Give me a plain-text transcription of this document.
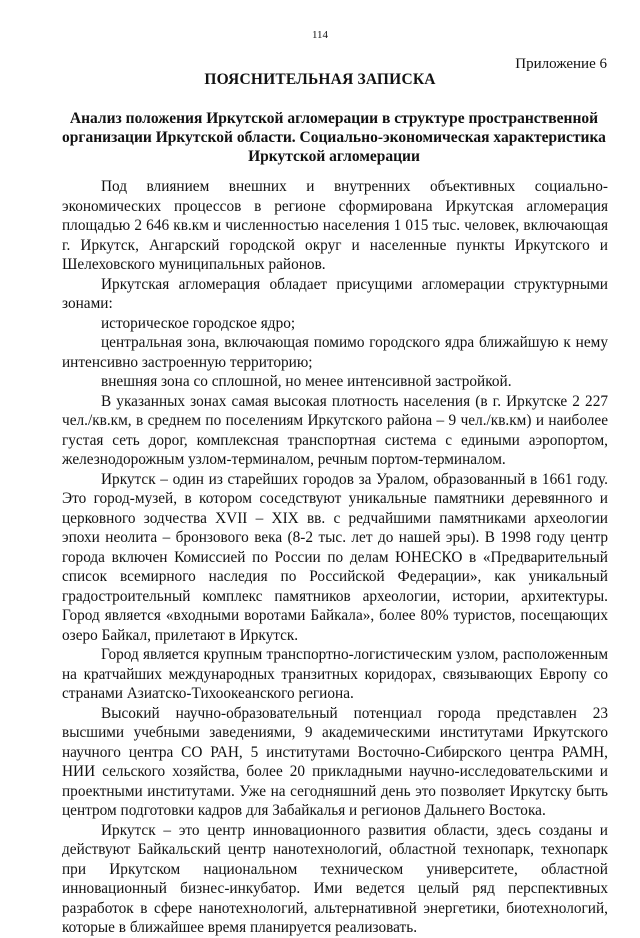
114
Приложение 6
ПОЯСНИТЕЛЬНАЯ ЗАПИСКА
Анализ положения Иркутской агломерации в структуре пространственной организации Иркутской области. Социально-экономическая характеристика Иркутской агломерации

Под влиянием внешних и внутренних объективных социально-экономических процессов в регионе сформирована Иркутская агломерация площадью 2 646 кв.км и численностью населения 1 015 тыс. человек, включающая г. Иркутск, Ангарский городской округ и населенные пункты Иркутского и Шелеховского муниципальных районов.

Иркутская агломерация обладает присущими агломерации структурными зонами:

историческое городское ядро;

центральная зона, включающая помимо городского ядра ближайшую к нему интенсивно застроенную территорию;

внешняя зона со сплошной, но менее интенсивной застройкой.

В указанных зонах самая высокая плотность населения (в г. Иркутске 2 227 чел./кв.км, в среднем по поселениям Иркутского района – 9 чел./кв.км) и наиболее густая сеть дорог, комплексная транспортная система с едиными аэропортом, железнодорожным узлом-терминалом, речным портом-терминалом.

Иркутск – один из старейших городов за Уралом, образованный в 1661 году. Это город-музей, в котором соседствуют уникальные памятники деревянного и церковного зодчества XVII – XIX вв. с редчайшими памятниками археологии эпохи неолита – бронзового века (8-2 тыс. лет до нашей эры). В 1998 году центр города включен Комиссией по России по делам ЮНЕСКО в «Предварительный список всемирного наследия по Российской Федерации», как уникальный градостроительный комплекс памятников археологии, истории, архитектуры. Город является «входными воротами Байкала», более 80% туристов, посещающих озеро Байкал, прилетают в Иркутск.

Город является крупным транспортно-логистическим узлом, расположенным на кратчайших международных транзитных коридорах, связывающих Европу со странами Азиатско-Тихоокеанского региона.

Высокий научно-образовательный потенциал города представлен 23 высшими учебными заведениями, 9 академическими институтами Иркутского научного центра СО РАН, 5 институтами Восточно-Сибирского центра РАМН, НИИ сельского хозяйства, более 20 прикладными научно-исследовательскими и проектными институтами. Уже на сегодняшний день это позволяет Иркутску быть центром подготовки кадров для Забайкалья и регионов Дальнего Востока.

Иркутск – это центр инновационного развития области, здесь созданы и действуют Байкальский центр нанотехнологий, областной технопарк, технопарк при Иркутском национальном техническом университете, областной инновационный бизнес-инкубатор. Ими ведется целый ряд перспективных разработок в сфере нанотехнологий, альтернативной энергетики, биотехнологий, которые в ближайшее время планируется реализовать.
